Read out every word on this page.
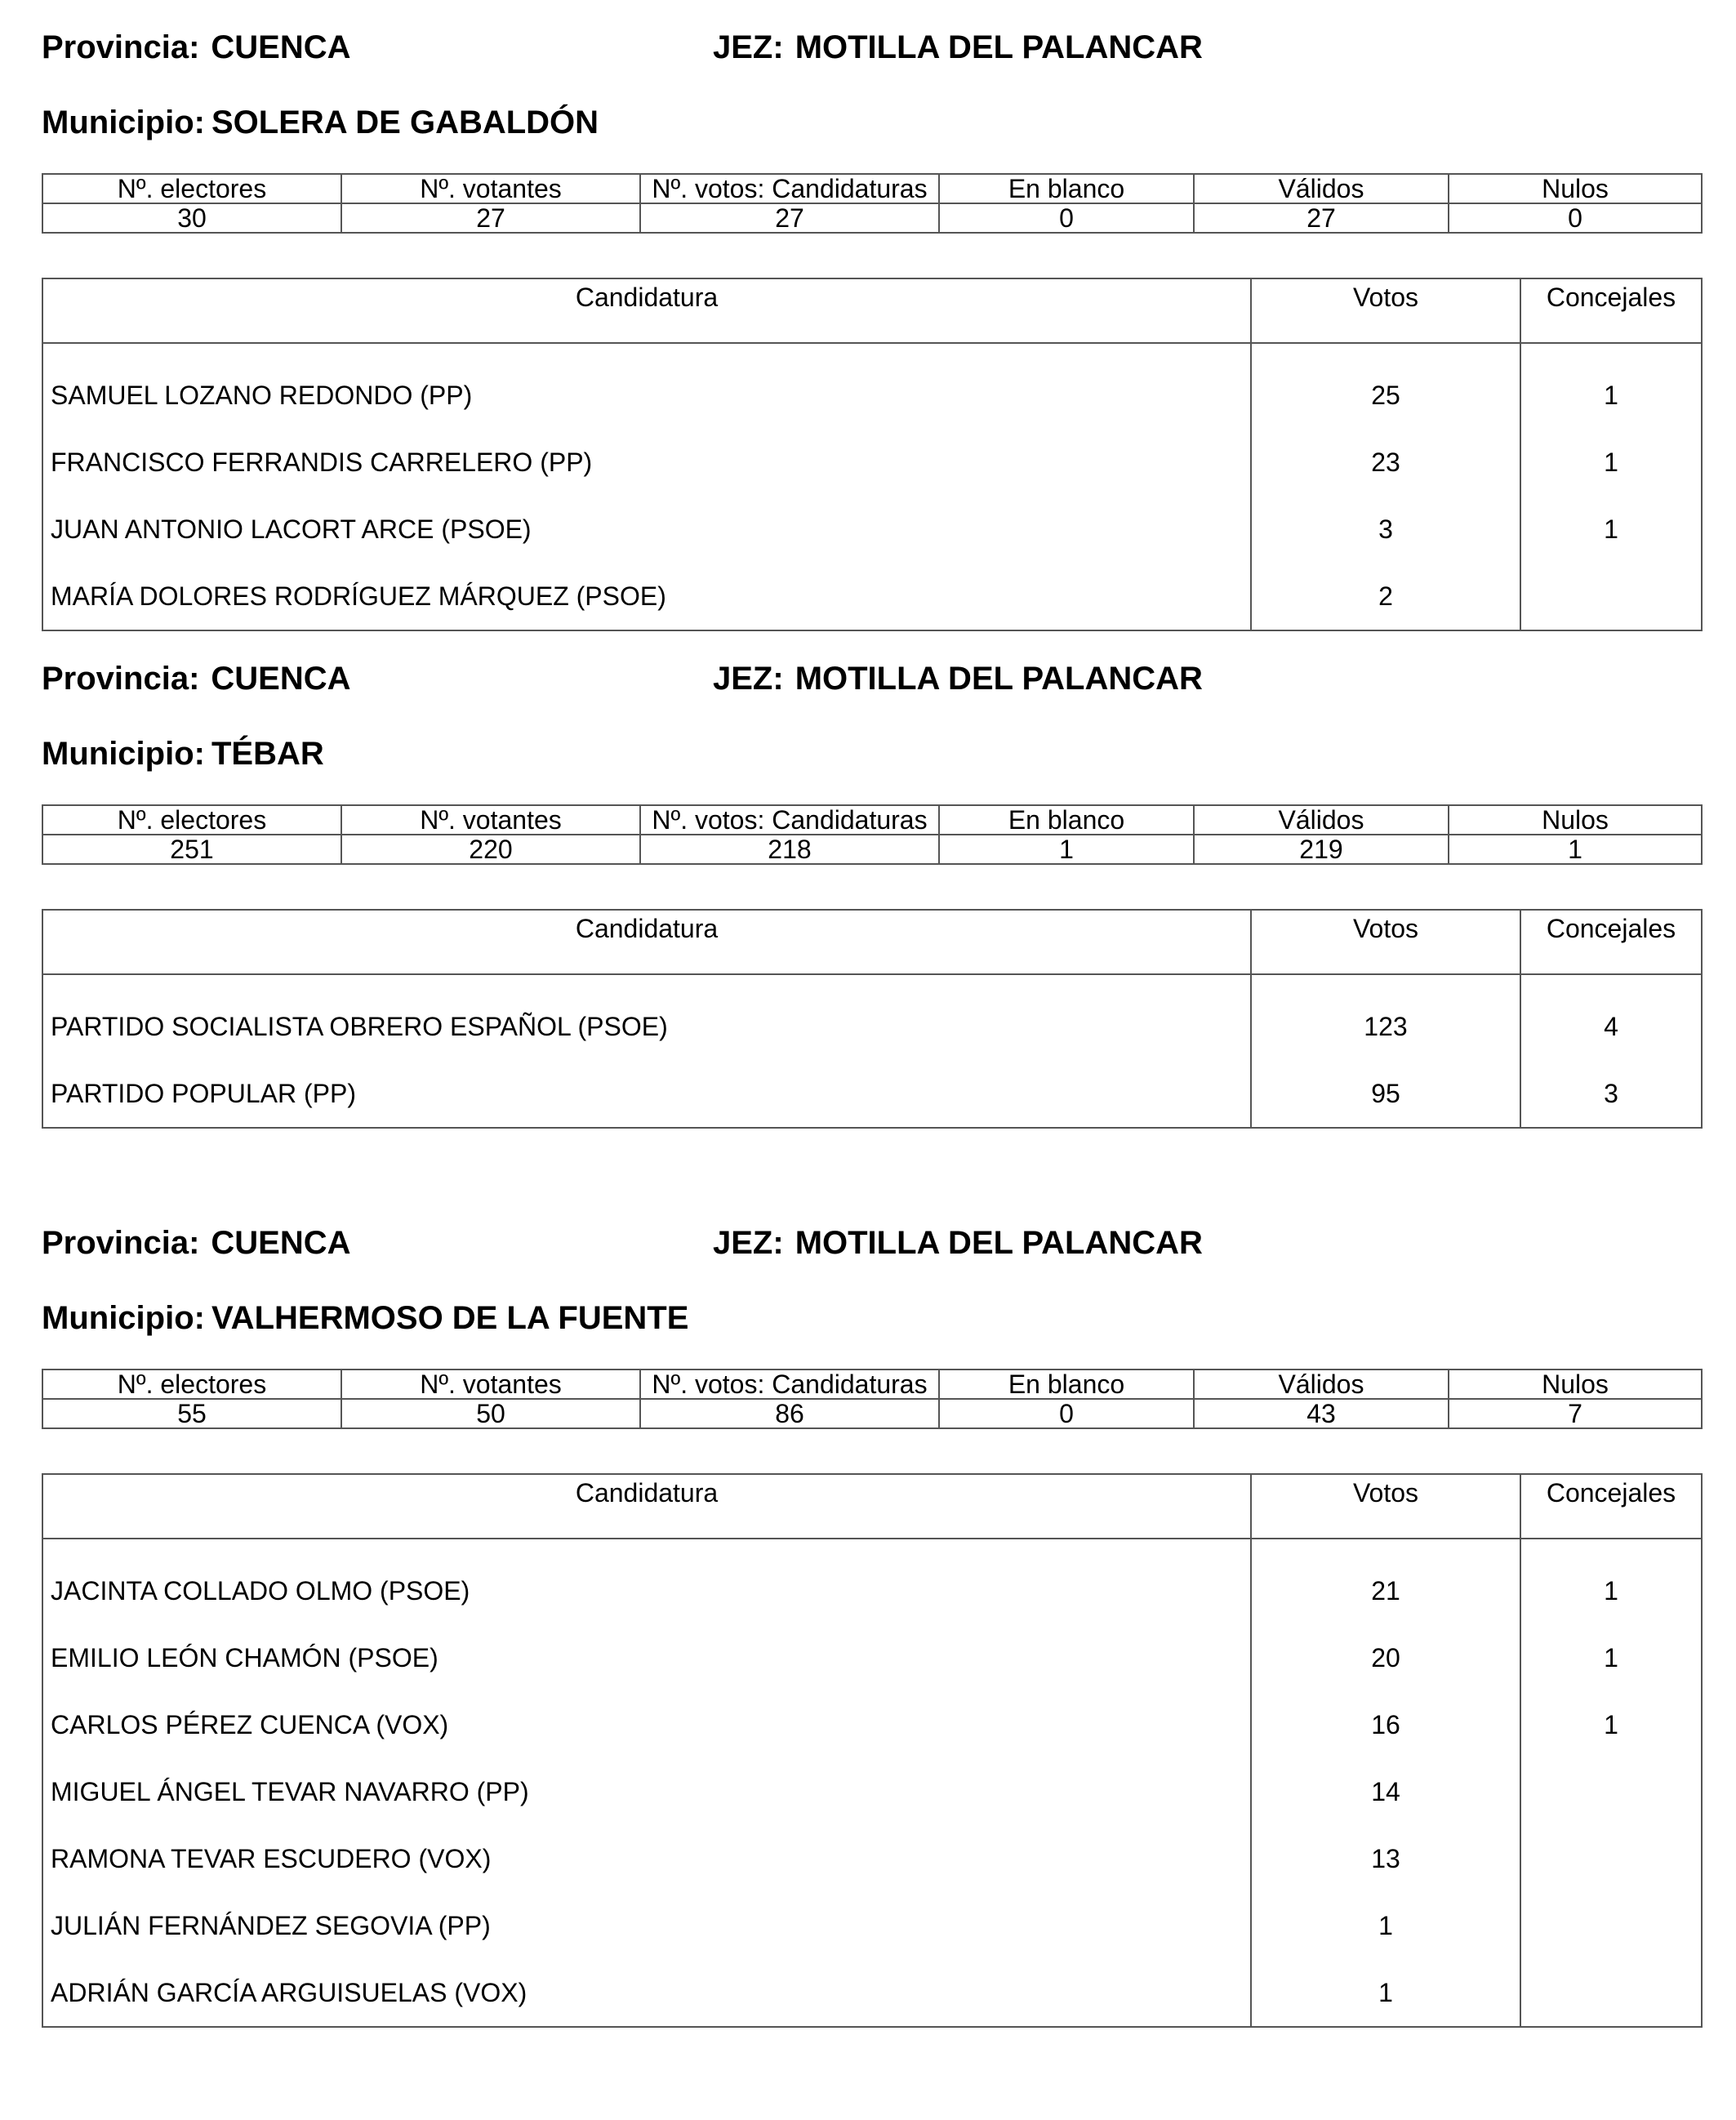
Provincia: CUENCA	JEZ: MOTILLA DEL PALANCAR
Municipio: SOLERA DE GABALDÓN
Nº. electores	Nº. votantes	Nº. votos: Candidaturas	En blanco	Válidos	Nulos
30	27	27	0	27	0
Candidatura	Votos	Concejales

SAMUEL LOZANO REDONDO (PP)	25	1
FRANCISCO FERRANDIS CARRELERO (PP)	23	1
JUAN ANTONIO LACORT ARCE (PSOE)	3	1
MARÍA DOLORES RODRÍGUEZ MÁRQUEZ (PSOE)	2	
Provincia: CUENCA	JEZ: MOTILLA DEL PALANCAR
Municipio: TÉBAR
Nº. electores	Nº. votantes	Nº. votos: Candidaturas	En blanco	Válidos	Nulos
251	220	218	1	219	1
Candidatura	Votos	Concejales

PARTIDO SOCIALISTA OBRERO ESPAÑOL (PSOE)	123	4
PARTIDO POPULAR (PP)	95	3
Provincia: CUENCA	JEZ: MOTILLA DEL PALANCAR
Municipio: VALHERMOSO DE LA FUENTE
Nº. electores	Nº. votantes	Nº. votos: Candidaturas	En blanco	Válidos	Nulos
55	50	86	0	43	7
Candidatura	Votos	Concejales

JACINTA COLLADO OLMO (PSOE)	21	1
EMILIO LEÓN CHAMÓN (PSOE)	20	1
CARLOS PÉREZ CUENCA (VOX)	16	1
MIGUEL ÁNGEL TEVAR NAVARRO (PP)	14	
RAMONA TEVAR ESCUDERO (VOX)	13	
JULIÁN FERNÁNDEZ SEGOVIA (PP)	1	
ADRIÁN GARCÍA ARGUISUELAS (VOX)	1	
